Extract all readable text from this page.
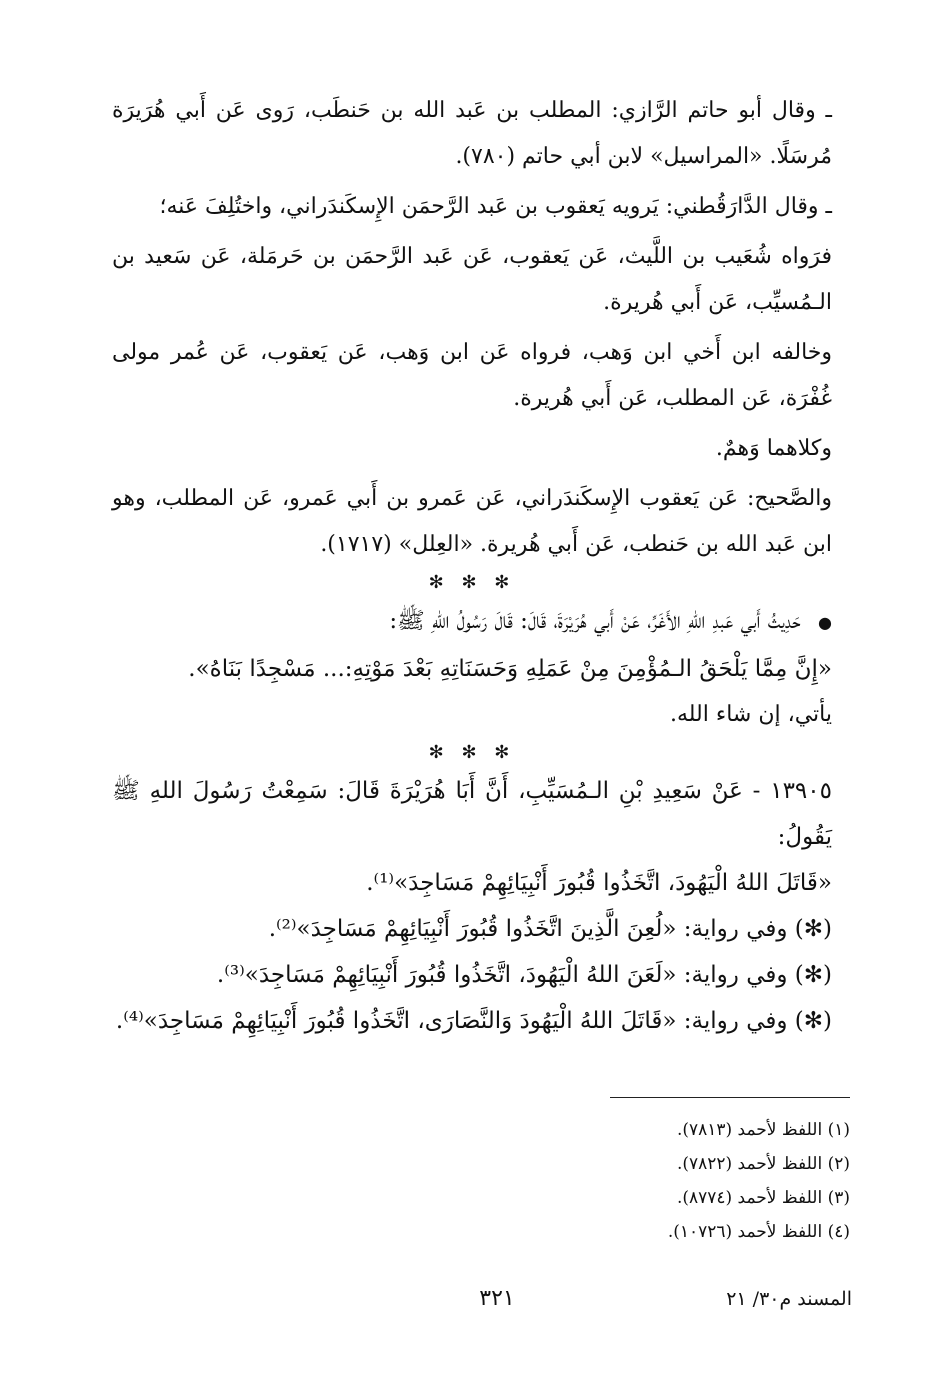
ـ وقال أبو حاتم الرَّازي: المطلب بن عَبد الله بن حَنطَب، رَوى عَن أَبي هُرَيرَة مُرسَلًا. «المراسيل» لابن أبي حاتم (٧٨٠).

ـ وقال الدَّارَقُطني: يَرويه يَعقوب بن عَبد الرَّحمَن الإِسكَندَراني، واختُلِفَ عَنه؛

فرَواه شُعَيب بن اللَّيث، عَن يَعقوب، عَن عَبد الرَّحمَن بن حَرمَلة، عَن سَعيد بن الـمُسيِّب، عَن أَبي هُريرة.

وخالفه ابن أَخي ابن وَهب، فرواه عَن ابن وَهب، عَن يَعقوب، عَن عُمر مولى غُفْرَة، عَن المطلب، عَن أَبي هُريرة.

وكلاهما وَهمٌ.

والصَّحيح: عَن يَعقوب الإِسكَندَراني، عَن عَمرو بن أَبي عَمرو، عَن المطلب، وهو ابن عَبد الله بن حَنطب، عَن أَبي هُريرة. «العِلل» (١٧١٧).

✻ ✻ ✻

● حَدِيثُ أَبي عَبدِ اللهِ الأَغَرِّ، عَنْ أَبي هُرَيْرَةَ، قَالَ: قَالَ رَسُولُ اللهِ ﷺ:

«إِنَّ مِمَّا يَلْحَقُ الـمُؤْمِنَ مِنْ عَمَلِهِ وَحَسَنَاتِهِ بَعْدَ مَوْتِهِ:... مَسْجِدًا بَنَاهُ».

يأتي، إن شاء الله.

✻ ✻ ✻

١٣٩٠٥ - عَنْ سَعِيدِ بْنِ الـمُسَيِّبِ، أَنَّ أَبَا هُرَيْرَةَ قَالَ: سَمِعْتُ رَسُولَ اللهِ ﷺ يَقُولُ:

«قَاتَلَ اللهُ الْيَهُودَ، اتَّخَذُوا قُبُورَ أَنْبِيَائِهِمْ مَسَاجِدَ»⁽¹⁾.

(✻) وفي رواية: «لُعِنَ الَّذِينَ اتَّخَذُوا قُبُورَ أَنْبِيَائِهِمْ مَسَاجِدَ»⁽²⁾.

(✻) وفي رواية: «لَعَنَ اللهُ الْيَهُودَ، اتَّخَذُوا قُبُورَ أَنْبِيَائِهِمْ مَسَاجِدَ»⁽³⁾.

(✻) وفي رواية: «قَاتَلَ اللهُ الْيَهُودَ وَالنَّصَارَى، اتَّخَذُوا قُبُورَ أَنْبِيَائِهِمْ مَسَاجِدَ»⁽⁴⁾.

(١) اللفظ لأحمد (٧٨١٣).

(٢) اللفظ لأحمد (٧٨٢٢).

(٣) اللفظ لأحمد (٨٧٧٤).

(٤) اللفظ لأحمد (١٠٧٢٦).

٣٢١	المسند م٣٠/ ٢١
